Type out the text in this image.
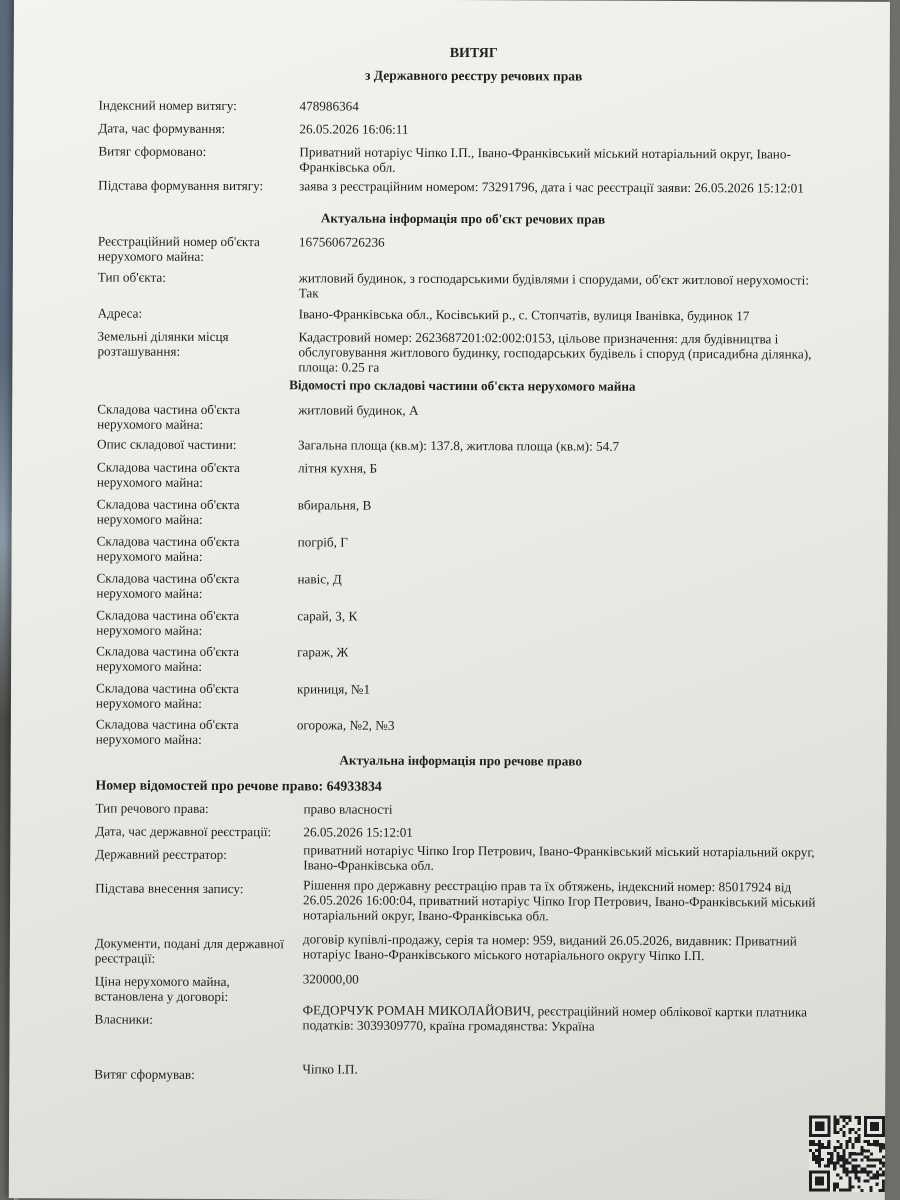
ВИТЯГ
з Державного реєстру речових прав
Індексний номер витягу:	478986364
Дата, час формування:	26.05.2026 16:06:11
Витяг сформовано:	Приватний нотаріус Чіпко І.П., Івано-Франківський міський нотаріальний округ, Івано-Франківська обл.
Підстава формування витягу:	заява з реєстраційним номером: 73291796, дата і час реєстрації заяви: 26.05.2026 15:12:01
Актуальна інформація про об'єкт речових прав
Реєстраційний номер об'єкта нерухомого майна:
1675606726236
Тип об'єкта:	житловий будинок, з господарськими будівлями і спорудами, об'єкт житлової нерухомості: Так
Адреса:	Івано-Франківська обл., Косівський р., с. Стопчатів, вулиця Іванівка, будинок 17
Земельні ділянки місця розташування:
Кадастровий номер: 2623687201:02:002:0153, цільове призначення: для будівництва і обслуговування житлового будинку, господарських будівель і споруд (присадибна ділянка), площа: 0.25 га
Відомості про складові частини об'єкта нерухомого майна
Складова частина об'єкта нерухомого майна:
житловий будинок, А
Опис складової частини:	Загальна площа (кв.м): 137.8, житлова площа (кв.м): 54.7
Складова частина об'єкта нерухомого майна:
літня кухня, Б
Складова частина об'єкта нерухомого майна:
вбиральня, В
Складова частина об'єкта нерухомого майна:
погріб, Г
Складова частина об'єкта нерухомого майна:
навіс, Д
Складова частина об'єкта нерухомого майна:
сарай, З, К
Складова частина об'єкта нерухомого майна:
гараж, Ж
Складова частина об'єкта нерухомого майна:
криниця, №1
Складова частина об'єкта нерухомого майна:
огорожа, №2, №3
Актуальна інформація про речове право
Номер відомостей про речове право: 64933834
Тип речового права:	право власності
Дата, час державної реєстрації:	26.05.2026 15:12:01
Державний реєстратор:	приватний нотаріус Чіпко Ігор Петрович, Івано-Франківський міський нотаріальний округ, Івано-Франківська обл.
Підстава внесення запису:	Рішення про державну реєстрацію прав та їх обтяжень, індексний номер: 85017924 від 26.05.2026 16:00:04, приватний нотаріус Чіпко Ігор Петрович, Івано-Франківський міський нотаріальний округ, Івано-Франківська обл.
Документи, подані для державної реєстрації:
договір купівлі-продажу, серія та номер: 959, виданий 26.05.2026, видавник: Приватний нотаріус Івано-Франківського міського нотаріального округу Чіпко І.П.
Ціна нерухомого майна, встановлена у договорі:
320000,00
Власники:	ФЕДОРЧУК РОМАН МИКОЛАЙОВИЧ, реєстраційний номер облікової картки платника податків: 3039309770, країна громадянства: Україна
Витяг сформував:	Чіпко І.П.
